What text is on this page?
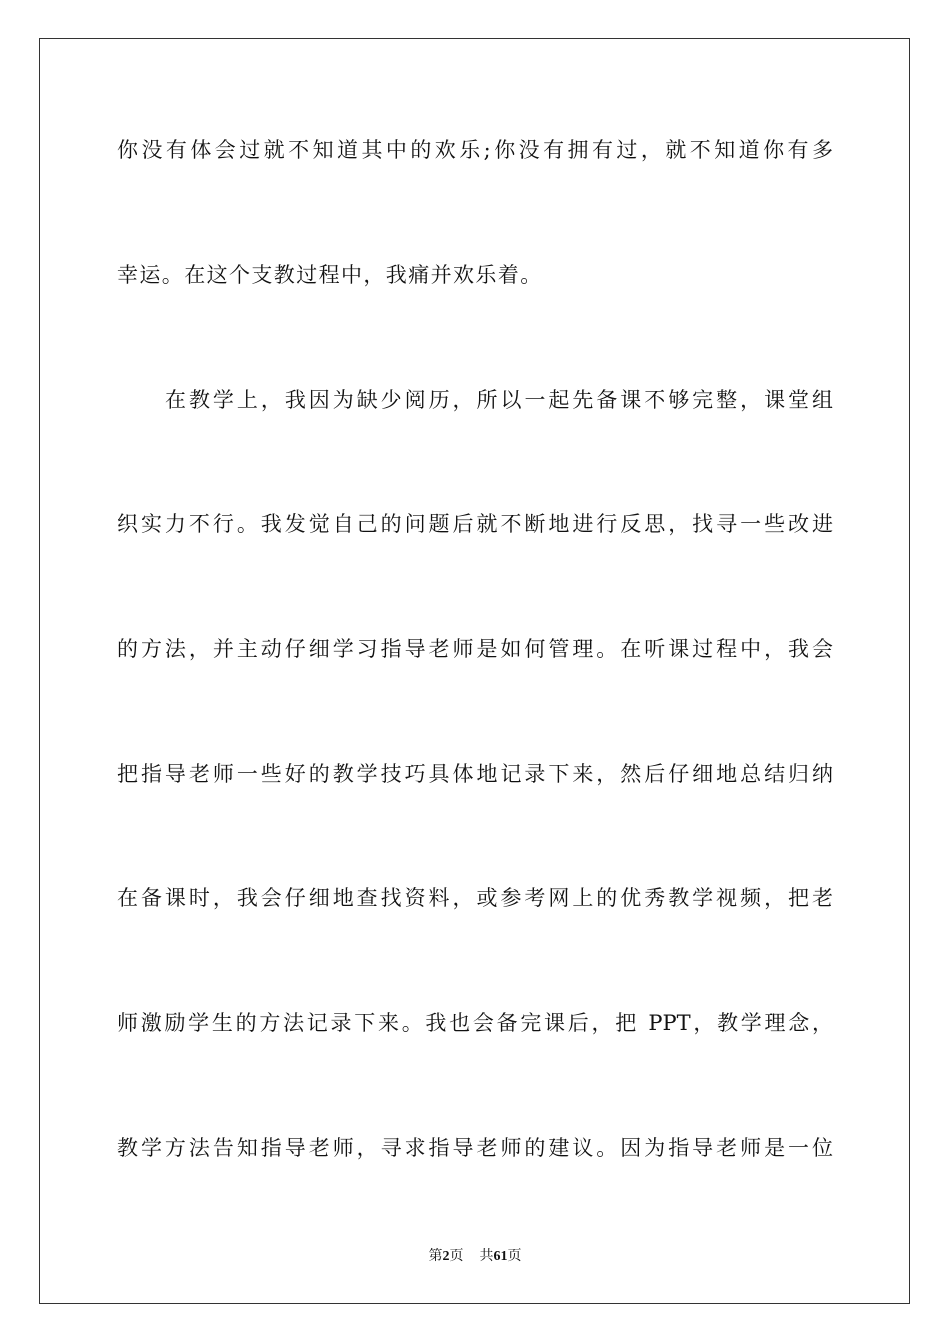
你没有体会过就不知道其中的欢乐;你没有拥有过，就不知道你有多
幸运。在这个支教过程中，我痛并欢乐着。
在教学上，我因为缺少阅历，所以一起先备课不够完整，课堂组
织实力不行。我发觉自己的问题后就不断地进行反思，找寻一些改进
的方法，并主动仔细学习指导老师是如何管理。在听课过程中，我会
把指导老师一些好的教学技巧具体地记录下来，然后仔细地总结归纳
在备课时，我会仔细地查找资料，或参考网上的优秀教学视频，把老
师激励学生的方法记录下来。我也会备完课后，把 PPT，教学理念，
教学方法告知指导老师，寻求指导老师的建议。因为指导老师是一位
第2页 共61页
